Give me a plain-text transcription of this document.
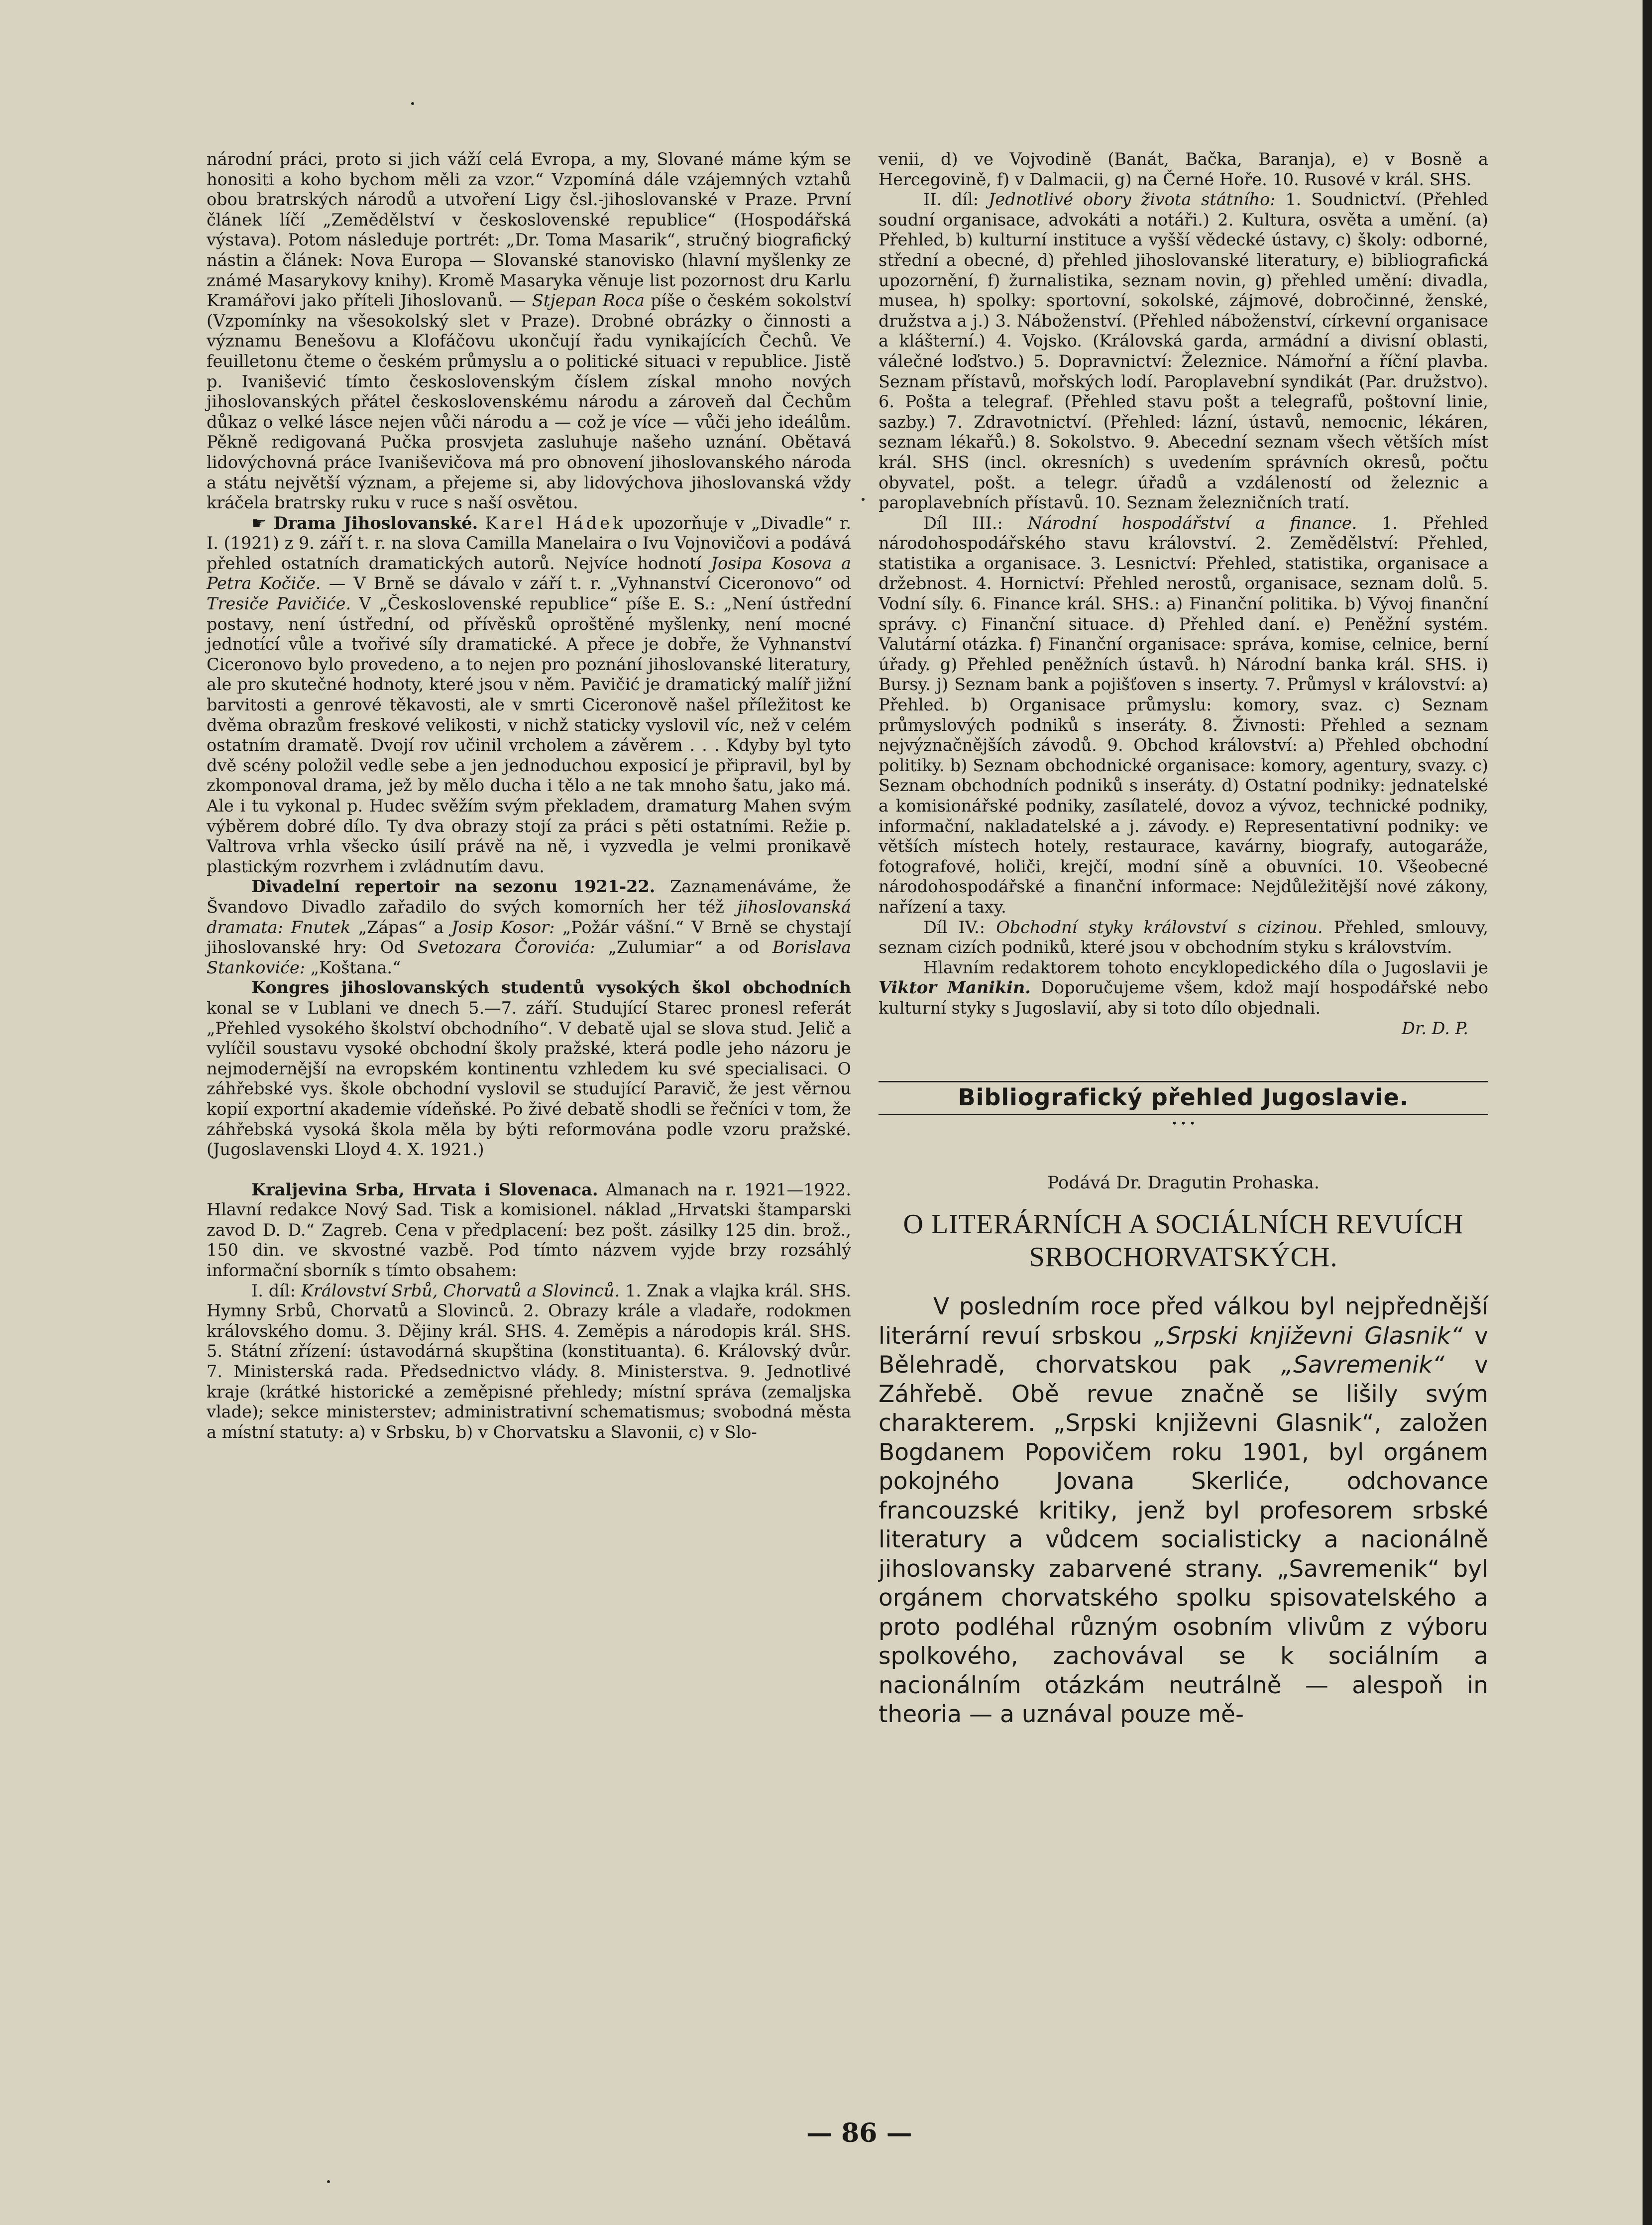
národní práci, proto si jich váží celá Evropa, a my, Slované máme kým se honositi a koho bychom měli za vzor.“ Vzpomíná dále vzájemných vztahů obou bratrských národů a utvoření Ligy čsl.-jihoslovanské v Praze. První článek líčí „Zemědělství v československé republice“ (Hospodářská výstava). Potom následuje portrét: „Dr. Toma Masarik“, stručný biografický nástin a článek: Nova Europa — Slovanské stanovisko (hlavní myšlenky ze známé Masarykovy knihy). Kromě Masaryka věnuje list pozornost dru Karlu Kramářovi jako příteli Jihoslovanů. — Stjepan Roca píše o českém sokolství (Vzpomínky na všesokolský slet v Praze). Drobné obrázky o činnosti a významu Benešovu a Klofáčovu ukončují řadu vynikajících Čechů. Ve feuilletonu čteme o českém průmyslu a o politické situaci v republice. Jistě p. Ivanišević tímto československým číslem získal mnoho nových jihoslovanských přátel československému národu a zároveň dal Čechům důkaz o velké lásce nejen vůči národu a — což je více — vůči jeho ideálům. Pěkně redigovaná Pučka prosvjeta zasluhuje našeho uznání. Obětavá lidovýchovná práce Ivaniševičova má pro obnovení jihoslovanského národa a státu největší význam, a přejeme si, aby lidovýchova jihoslovanská vždy kráčela bratrsky ruku v ruce s naší osvětou.

☛ Drama Jihoslovanské. Karel Hádek upozorňuje v „Divadle“ r. I. (1921) z 9. září t. r. na slova Camilla Manelaira o Ivu Vojnovičovi a podává přehled ostatních dramatických autorů. Nejvíce hodnotí Josipa Kosova a Petra Kočiče. — V Brně se dávalo v září t. r. „Vyhnanství Ciceronovo“ od Tresiče Pavičiće. V „Československé republice“ píše E. S.: „Není ústřední postavy, není ústřední, od přívěsků oproštěné myšlenky, není mocné jednotící vůle a tvořivé síly dramatické. A přece je dobře, že Vyhnanství Ciceronovo bylo provedeno, a to nejen pro poznání jihoslovanské literatury, ale pro skutečné hodnoty, které jsou v něm. Pavičić je dramatický malíř jižní barvitosti a genrové těkavosti, ale v smrti Ciceronově našel příležitost ke dvěma obrazům freskové velikosti, v nichž staticky vyslovil víc, než v celém ostatním dramatě. Dvojí rov učinil vrcholem a závěrem . . . Kdyby byl tyto dvě scény položil vedle sebe a jen jednoduchou exposicí je připravil, byl by zkomponoval drama, jež by mělo ducha i tělo a ne tak mnoho šatu, jako má. Ale i tu vykonal p. Hudec svěžím svým překladem, dramaturg Mahen svým výběrem dobré dílo. Ty dva obrazy stojí za práci s pěti ostatními. Režie p. Valtrova vrhla všecko úsilí právě na ně, i vyzvedla je velmi pronikavě plastickým rozvrhem i zvládnutím davu.

Divadelní repertoir na sezonu 1921-22. Zaznamenáváme, že Švandovo Divadlo zařadilo do svých komorních her též jihoslovanská dramata: Fnutek „Zápas“ a Josip Kosor: „Požár vášní.“ V Brně se chystají jihoslovanské hry: Od Svetozara Čorovića: „Zulumiar“ a od Borislava Stankoviće: „Koštana.“

Kongres jihoslovanských studentů vysokých škol obchodních konal se v Lublani ve dnech 5.—7. září. Studující Starec pronesl referát „Přehled vysokého školství obchodního“. V debatě ujal se slova stud. Jelič a vylíčil soustavu vysoké obchodní školy pražské, která podle jeho názoru je nejmodernější na evropském kontinentu vzhledem ku své specialisaci. O záhřebské vys. škole obchodní vyslovil se studující Paravič, že jest věrnou kopií exportní akademie vídeňské. Po živé debatě shodli se řečníci v tom, že záhřebská vysoká škola měla by býti reformována podle vzoru pražské. (Jugoslavenski Lloyd 4. X. 1921.)

Kraljevina Srba, Hrvata i Slovenaca. Almanach na r. 1921—1922. Hlavní redakce Nový Sad. Tisk a komisionel. náklad „Hrvatski štamparski zavod D. D.“ Zagreb. Cena v předplacení: bez pošt. zásilky 125 din. brož., 150 din. ve skvostné vazbě. Pod tímto názvem vyjde brzy rozsáhlý informační sborník s tímto obsahem:

I. díl: Království Srbů, Chorvatů a Slovinců. 1. Znak a vlajka král. SHS. Hymny Srbů, Chorvatů a Slovinců. 2. Obrazy krále a vladaře, rodokmen královského domu. 3. Dějiny král. SHS. 4. Zeměpis a národopis král. SHS. 5. Státní zřízení: ústavodárná skupština (konstituanta). 6. Královský dvůr. 7. Ministerská rada. Předsednictvo vlády. 8. Ministerstva. 9. Jednotlivé kraje (krátké historické a zeměpisné přehledy; místní správa (zemaljska vlade); sekce ministerstev; administrativní schematismus; svobodná města a místní statuty: a) v Srbsku, b) v Chorvatsku a Slavonii, c) v Slo-

venii, d) ve Vojvodině (Banát, Bačka, Baranja), e) v Bosně a Hercegovině, f) v Dalmacii, g) na Černé Hoře. 10. Rusové v král. SHS.

II. díl: Jednotlivé obory života státního: 1. Soudnictví. (Přehled soudní organisace, advokáti a notáři.) 2. Kultura, osvěta a umění. (a) Přehled, b) kulturní instituce a vyšší vědecké ústavy, c) školy: odborné, střední a obecné, d) přehled jihoslovanské literatury, e) bibliografická upozornění, f) žurnalistika, seznam novin, g) přehled umění: divadla, musea, h) spolky: sportovní, sokolské, zájmové, dobročinné, ženské, družstva a j.) 3. Náboženství. (Přehled náboženství, církevní organisace a klášterní.) 4. Vojsko. (Královská garda, armádní a divisní oblasti, válečné loďstvo.) 5. Dopravnictví: Železnice. Námořní a říční plavba. Seznam přístavů, mořských lodí. Paroplavební syndikát (Par. družstvo). 6. Pošta a telegraf. (Přehled stavu pošt a telegrafů, poštovní linie, sazby.) 7. Zdravotnictví. (Přehled: lázní, ústavů, nemocnic, lékáren, seznam lékařů.) 8. Sokolstvo. 9. Abecední seznam všech větších míst král. SHS (incl. okresních) s uvedením správních okresů, počtu obyvatel, pošt. a telegr. úřadů a vzdáleností od železnic a paroplavebních přístavů. 10. Seznam železničních tratí.

Díl III.: Národní hospodářství a finance. 1. Přehled národohospodářského stavu království. 2. Zemědělství: Přehled, statistika a organisace. 3. Lesnictví: Přehled, statistika, organisace a držebnost. 4. Hornictví: Přehled nerostů, organisace, seznam dolů. 5. Vodní síly. 6. Finance král. SHS.: a) Finanční politika. b) Vývoj finanční správy. c) Finanční situace. d) Přehled daní. e) Peněžní systém. Valutární otázka. f) Finanční organisace: správa, komise, celnice, berní úřady. g) Přehled peněžních ústavů. h) Národní banka král. SHS. i) Bursy. j) Seznam bank a pojišťoven s inserty. 7. Průmysl v království: a) Přehled. b) Organisace průmyslu: komory, svaz. c) Seznam průmyslových podniků s inseráty. 8. Živnosti: Přehled a seznam nejvýznačnějších závodů. 9. Obchod království: a) Přehled obchodní politiky. b) Seznam obchodnické organisace: komory, agentury, svazy. c) Seznam obchodních podniků s inseráty. d) Ostatní podniky: jednatelské a komisionářské podniky, zasílatelé, dovoz a vývoz, technické podniky, informační, nakladatelské a j. závody. e) Representativní podniky: ve větších místech hotely, restaurace, kavárny, biografy, autogaráže, fotografové, holiči, krejčí, modní síně a obuvníci. 10. Všeobecné národohospodářské a finanční informace: Nejdůležitější nové zákony, nařízení a taxy.

Díl IV.: Obchodní styky království s cizinou. Přehled, smlouvy, seznam cizích podniků, které jsou v obchodním styku s královstvím.

Hlavním redaktorem tohoto encyklopedického díla o Jugoslavii je Viktor Manikin. Doporučujeme všem, kdož mají hospodářské nebo kulturní styky s Jugoslavií, aby si toto dílo objednali.

Dr. D. P.

Bibliografický přehled Jugoslavie.
• • •
Podává Dr. Dragutin Prohaska.
O LITERÁRNÍCH A SOCIÁLNÍCH REVUÍCH
SRBOCHORVATSKÝCH.

V posledním roce před válkou byl nejpřednější literární revuí srbskou „Srpski književni Glasnik“ v Bělehradě, chorvatskou pak „Savremenik“ v Záhřebě. Obě revue značně se lišily svým charakterem. „Srpski književni Glasnik“, založen Bogdanem Popovičem roku 1901, byl orgánem pokojného Jovana Skerliće, odchovance francouzské kritiky, jenž byl profesorem srbské literatury a vůdcem socialisticky a nacionálně jihoslovansky zabarvené strany. „Savremenik“ byl orgánem chorvatského spolku spisovatelského a proto podléhal různým osobním vlivům z výboru spolkového, zachovával se k sociálním a nacionálním otázkám neutrálně — alespoň in theoria — a uznával pouze mě-

— 86 —
